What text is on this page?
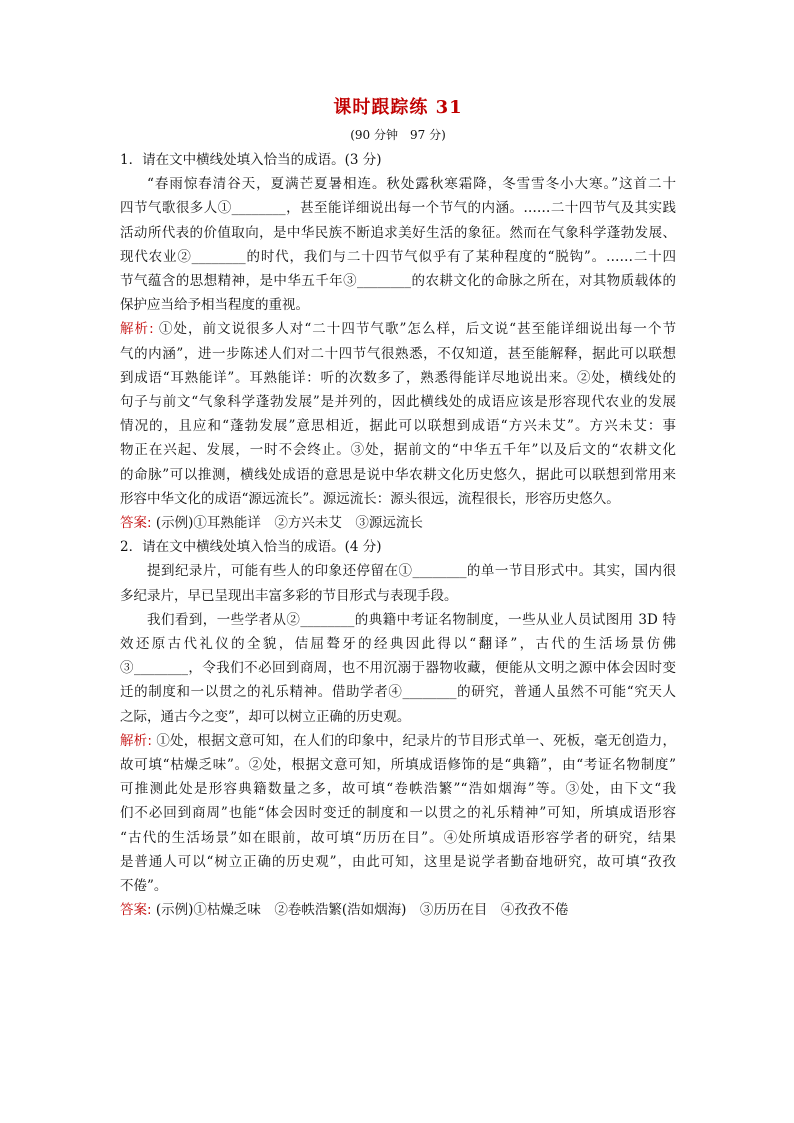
课时跟踪练 31
(90 分钟　97 分)

1．请在文中横线处填入恰当的成语。(3 分)

“春雨惊春清谷天，夏满芒夏暑相连。秋处露秋寒霜降，冬雪雪冬小大寒。”这首二十

四节气歌很多人①________，甚至能详细说出每一个节气的内涵。……二十四节气及其实践

活动所代表的价值取向，是中华民族不断追求美好生活的象征。然而在气象科学蓬勃发展、

现代农业②________的时代，我们与二十四节气似乎有了某种程度的“脱钩”。……二十四

节气蕴含的思想精神，是中华五千年③________的农耕文化的命脉之所在，对其物质载体的

保护应当给予相当程度的重视。

解析: ①处，前文说很多人对“二十四节气歌”怎么样，后文说“甚至能详细说出每一个节

气的内涵”，进一步陈述人们对二十四节气很熟悉，不仅知道，甚至能解释，据此可以联想

到成语“耳熟能详”。耳熟能详：听的次数多了，熟悉得能详尽地说出来。②处，横线处的

句子与前文“气象科学蓬勃发展”是并列的，因此横线处的成语应该是形容现代农业的发展

情况的，且应和“蓬勃发展”意思相近，据此可以联想到成语“方兴未艾”。方兴未艾：事

物正在兴起、发展，一时不会终止。③处，据前文的“中华五千年”以及后文的“农耕文化

的命脉”可以推测，横线处成语的意思是说中华农耕文化历史悠久，据此可以联想到常用来

形容中华文化的成语“源远流长”。源远流长：源头很远，流程很长，形容历史悠久。

答案: (示例)①耳熟能详　②方兴未艾　③源远流长

2．请在文中横线处填入恰当的成语。(4 分)

提到纪录片，可能有些人的印象还停留在①________的单一节目形式中。其实，国内很

多纪录片，早已呈现出丰富多彩的节目形式与表现手段。

我们看到，一些学者从②________的典籍中考证名物制度，一些从业人员试图用 3D 特

效还原古代礼仪的全貌，佶屈聱牙的经典因此得以“翻译”，古代的生活场景仿佛

③________，令我们不必回到商周，也不用沉溺于器物收藏，便能从文明之源中体会因时变

迁的制度和一以贯之的礼乐精神。借助学者④________的研究，普通人虽然不可能“究天人

之际，通古今之变”，却可以树立正确的历史观。

解析: ①处，根据文意可知，在人们的印象中，纪录片的节目形式单一、死板，毫无创造力，

故可填“枯燥乏味”。②处，根据文意可知，所填成语修饰的是“典籍”，由“考证名物制度”

可推测此处是形容典籍数量之多，故可填“卷帙浩繁”“浩如烟海”等。③处，由下文“我

们不必回到商周”也能“体会因时变迁的制度和一以贯之的礼乐精神”可知，所填成语形容

“古代的生活场景”如在眼前，故可填“历历在目”。④处所填成语形容学者的研究，结果

是普通人可以“树立正确的历史观”，由此可知，这里是说学者勤奋地研究，故可填“孜孜

不倦”。

答案: (示例)①枯燥乏味　②卷帙浩繁(浩如烟海)　③历历在目　④孜孜不倦
